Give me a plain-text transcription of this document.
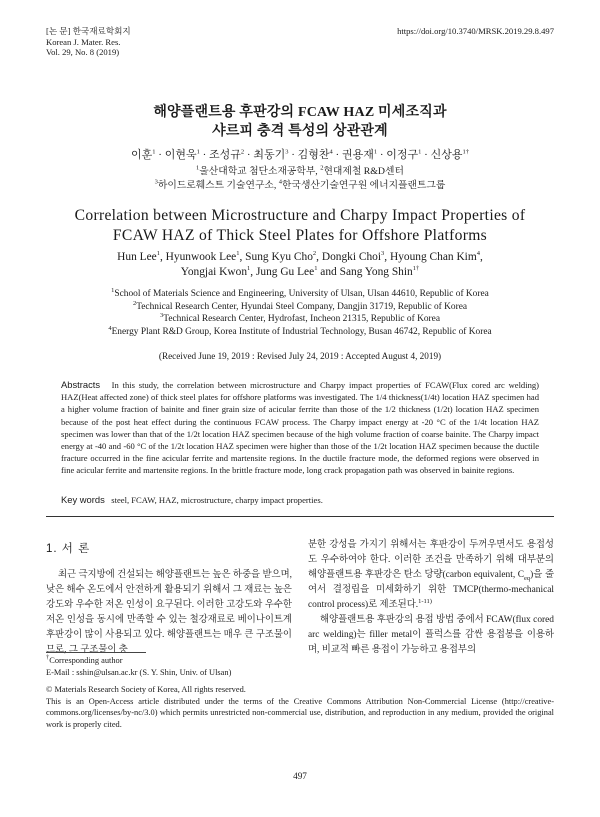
[논 문] 한국재료학회지
Korean J. Mater. Res.
Vol. 29, No. 8 (2019)
https://doi.org/10.3740/MRSK.2019.29.8.497
해양플랜트용 후판강의 FCAW HAZ 미세조직과
샤르피 충격 특성의 상관관계
이훈$^1$ · 이현욱$^1$ · 조성규$^2$ · 최동기$^3$ · 김형찬$^4$ · 권용재$^1$ · 이정구$^1$ · 신상용$^{1\dagger}$
$^1$울산대학교 첨단소재공학부, $^2$현대제철 R&D센터
$^3$하이드로훼스트 기술연구소, $^4$한국생산기술연구원 에너지플랜트그룹
Correlation between Microstructure and Charpy Impact Properties of
FCAW HAZ of Thick Steel Plates for Offshore Platforms
Hun Lee$^1$, Hyunwook Lee$^1$, Sung Kyu Cho$^2$, Dongki Choi$^3$, Hyoung Chan Kim$^4$,
Yongjai Kwon$^1$, Jung Gu Lee$^1$ and Sang Yong Shin$^{1\dagger}$
$^1$School of Materials Science and Engineering, University of Ulsan, Ulsan 44610, Republic of Korea
$^2$Technical Research Center, Hyundai Steel Company, Dangjin 31719, Republic of Korea
$^3$Technical Research Center, Hydrofast, Incheon 21315, Republic of Korea
$^4$Energy Plant R&D Group, Korea Institute of Industrial Technology, Busan 46742, Republic of Korea
(Received June 19, 2019 : Revised July 24, 2019 : Accepted August 4, 2019)
Abstracts In this study, the correlation between microstructure and Charpy impact properties of FCAW(Flux cored arc welding) HAZ(Heat affected zone) of thick steel plates for offshore platforms was investigated. The 1/4 thickness(1/4t) location HAZ specimen had a higher volume fraction of bainite and finer grain size of acicular ferrite than those of the 1/2 thickness (1/2t) location HAZ specimen because of the post heat effect during the continuous FCAW process. The Charpy impact energy at -20 °C of the 1/4t location HAZ specimen was lower than that of the 1/2t location HAZ specimen because of the high volume fraction of coarse bainite. The Charpy impact energy at -40 and -60 °C of the 1/2t location HAZ specimen were higher than those of the 1/2t location HAZ specimen because the ductile fracture occurred in the fine acicular ferrite and martensite regions. In the ductile fracture mode, the deformed regions were observed in fine acicular ferrite and martensite regions. In the brittle fracture mode, long crack propagation path was observed in bainite regions.
Key words steel, FCAW, HAZ, microstructure, charpy impact properties.
1. 서 론
최근 극지방에 건설되는 해양플랜트는 높은 하중을 받으며, 낮은 해수 온도에서 안전하게 활용되기 위해서 그 재료는 높은 강도와 우수한 저온 인성이 요구된다. 이러한 고강도와 우수한 저온 인성을 동시에 만족할 수 있는 철강재료로 베이나이트계 후판강이 많이 사용되고 있다. 해양플랜트는 매우 큰 구조물이므로, 그 구조물이 충

분한 강성을 가지기 위해서는 후판강이 두꺼우면서도 용접성도 우수하여야 한다. 이러한 조건을 만족하기 위해 대부분의 해양플랜트용 후판강은 탄소 당량(carbon equivalent, $C_{eq}$)을 줄여서 결정립을 미세화하기 위한 TMCP(thermo-mechanical control process)로 제조된다.$^{1-11)}$

해양플랜트용 후판강의 용접 방법 중에서 FCAW(flux cored arc welding)는 filler metal이 플럭스를 감싼 용접봉을 이용하며, 비교적 빠른 용접이 가능하고 용접부의

†Corresponding author
E-Mail : sshin@ulsan.ac.kr (S. Y. Shin, Univ. of Ulsan)
© Materials Research Society of Korea, All rights reserved.
This is an Open-Access article distributed under the terms of the Creative Commons Attribution Non-Commercial License (http://creative-commons.org/licenses/by-nc/3.0) which permits unrestricted non-commercial use, distribution, and reproduction in any medium, provided the original work is properly cited.
497
